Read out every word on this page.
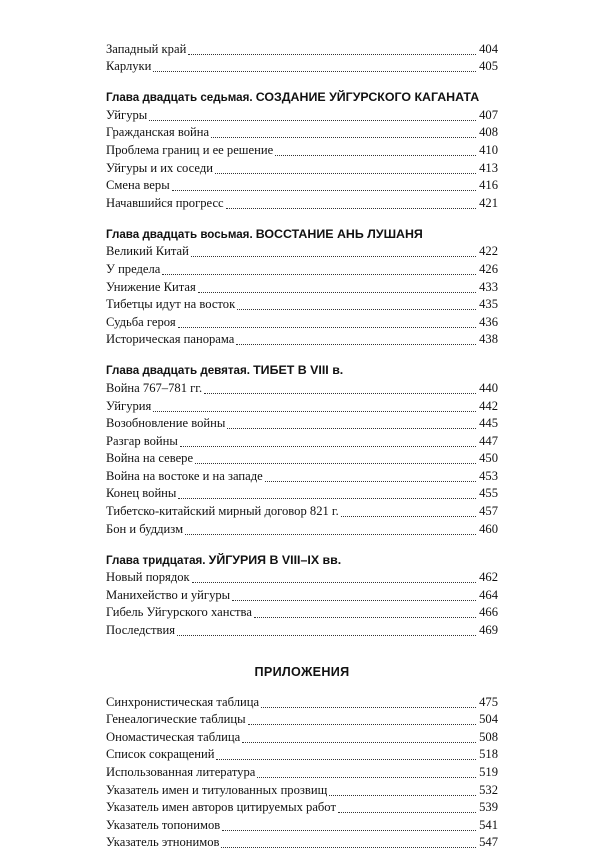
Западный край	404
Карлуки	405
Глава двадцать седьмая. СОЗДАНИЕ УЙГУРСКОГО КАГАНАТА
Уйгуры	407
Гражданская война	408
Проблема границ и ее решение	410
Уйгуры и их соседи	413
Смена веры	416
Начавшийся прогресс	421
Глава двадцать восьмая. ВОССТАНИЕ АНЬ ЛУШАНЯ
Великий Китай	422
У предела	426
Унижение Китая	433
Тибетцы идут на восток	435
Судьба героя	436
Историческая панорама	438
Глава двадцать девятая. ТИБЕТ В VIII в.
Война 767–781 гг.	440
Уйгурия	442
Возобновление войны	445
Разгар войны	447
Война на севере	450
Война на востоке и на западе	453
Конец войны	455
Тибетско-китайский мирный договор 821 г.	457
Бон и буддизм	460
Глава тридцатая. УЙГУРИЯ В VIII–IX вв.
Новый порядок	462
Манихейство и уйгуры	464
Гибель Уйгурского ханства	466
Последствия	469
ПРИЛОЖЕНИЯ
Синхронистическая таблица	475
Генеалогические таблицы	504
Ономастическая таблица	508
Список сокращений	518
Использованная литература	519
Указатель имен и титулованных прозвищ	532
Указатель имен авторов цитируемых работ	539
Указатель топонимов	541
Указатель этнонимов	547
